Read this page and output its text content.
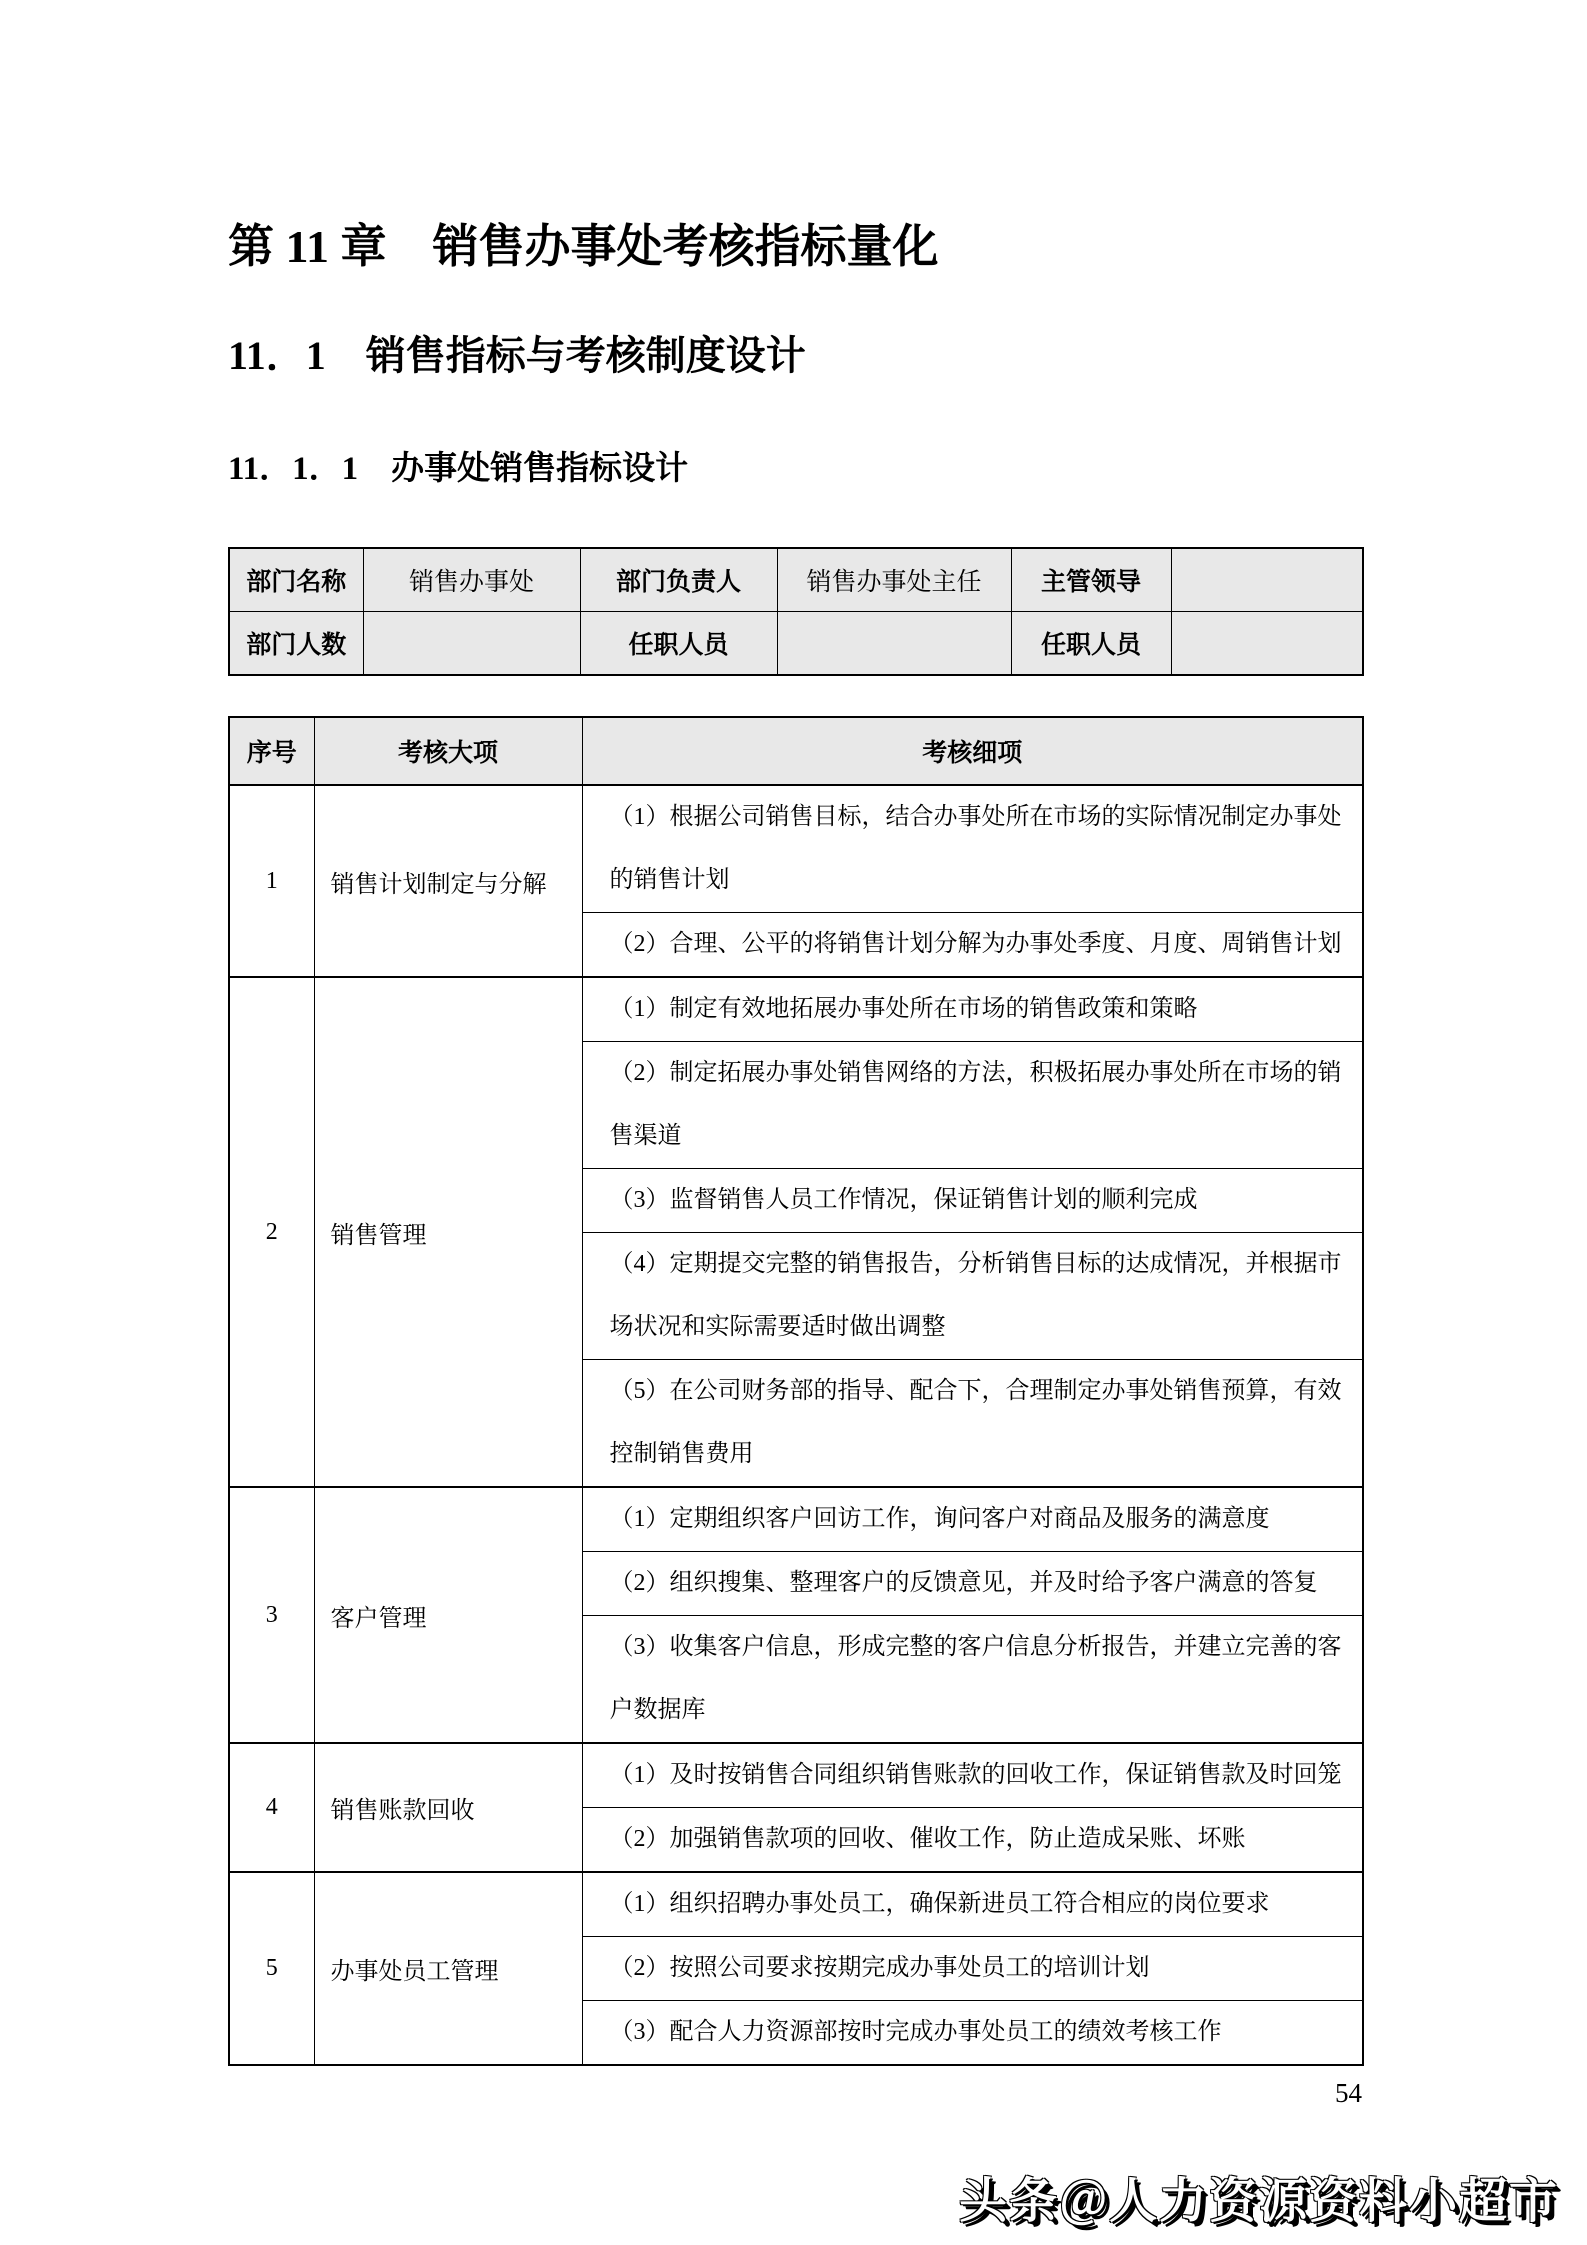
第 11 章　销售办事处考核指标量化
11．1　销售指标与考核制度设计
11．1．1　办事处销售指标设计
部门名称	销售办事处	部门负责人	销售办事处主任	主管领导	
部门人数		任职人员		任职人员	
序号	考核大项	考核细项
1	销售计划制定与分解	（1）根据公司销售目标，结合办事处所在市场的实际情况制定办事处的销售计划

		（2）合理、公平的将销售计划分解为办事处季度、月度、周销售计划

2	销售管理	（1）制定有效地拓展办事处所在市场的销售政策和策略

		（2）制定拓展办事处销售网络的方法，积极拓展办事处所在市场的销售渠道

		（3）监督销售人员工作情况，保证销售计划的顺利完成

		（4）定期提交完整的销售报告，分析销售目标的达成情况，并根据市场状况和实际需要适时做出调整

		（5）在公司财务部的指导、配合下，合理制定办事处销售预算，有效控制销售费用

3	客户管理	（1）定期组织客户回访工作，询问客户对商品及服务的满意度

		（2）组织搜集、整理客户的反馈意见，并及时给予客户满意的答复

		（3）收集客户信息，形成完整的客户信息分析报告，并建立完善的客户数据库

4	销售账款回收	（1）及时按销售合同组织销售账款的回收工作，保证销售款及时回笼

		（2）加强销售款项的回收、催收工作，防止造成呆账、坏账

5	办事处员工管理	（1）组织招聘办事处员工，确保新进员工符合相应的岗位要求

		（2）按照公司要求按期完成办事处员工的培训计划

		（3）配合人力资源部按时完成办事处员工的绩效考核工作
54
头条＠人力资源资料小超市
